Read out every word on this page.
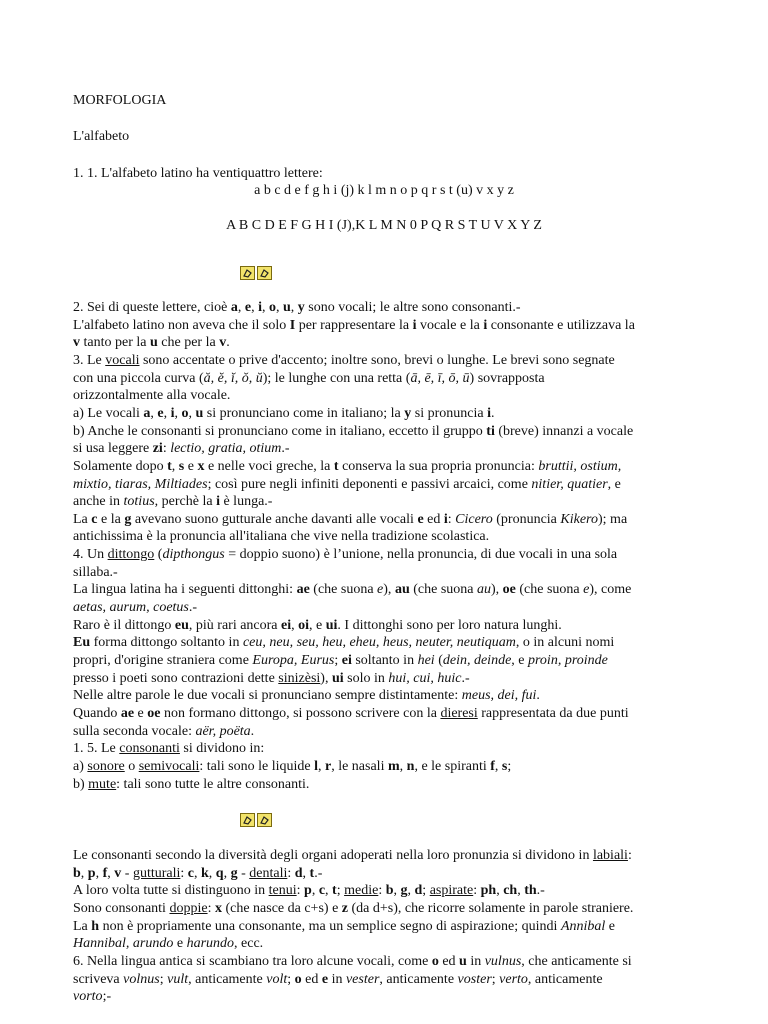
MORFOLOGIA
L'alfabeto
1. 1. L'alfabeto latino ha ventiquattro lettere:
a b c d e f g h i (j) k l m n o p q r s t (u) v x y z
A B C D E F G H I (J),K L M N 0 P Q R S T U V X Y Z
2. Sei di queste lettere, cioè a, e, i, o, u, y sono vocali; le altre sono consonanti.-
L'alfabeto latino non aveva che il solo I per rappresentare la i vocale e la i consonante e utilizzava la
v tanto per la u che per la v.
3. Le vocali sono accentate o prive d'accento; inoltre sono, brevi o lunghe. Le brevi sono segnate
con una piccola curva (ă, ĕ, ĭ, ŏ, ŭ); le lunghe con una retta (ā, ē, ī, ō, ū) sovrapposta
orizzontalmente alla vocale.
a) Le vocali a, e, i, o, u si pronunciano come in italiano; la y si pronuncia i.
b) Anche le consonanti si pronunciano come in italiano, eccetto il gruppo ti (breve) innanzi a vocale
si usa leggere zi: lectio, gratia, otium.-
Solamente dopo t, s e x e nelle voci greche, la t conserva la sua propria pronuncia: bruttii, ostium,
mixtio, tiaras, Miltiades; così pure negli infiniti deponenti e passivi arcaici, come nitier, quatier, e
anche in totius, perchè la i è lunga.-
La c e la g avevano suono gutturale anche davanti alle vocali e ed i: Cicero (pronuncia Kikero); ma
antichissima è la pronuncia all'italiana che vive nella tradizione scolastica.
4. Un dittongo (dipthongus = doppio suono) è l’unione, nella pronuncia, di due vocali in una sola
sillaba.-
La lingua latina ha i seguenti dittonghi: ae (che suona e), au (che suona au), oe (che suona e), come
aetas, aurum, coetus.-
Raro è il dittongo eu, più rari ancora ei, oi, e ui. I dittonghi sono per loro natura lunghi.
Eu forma dittongo soltanto in ceu, neu, seu, heu, eheu, heus, neuter, neutiquam, o in alcuni nomi
propri, d'origine straniera come Europa, Eurus; ei soltanto in hei (dein, deinde, e proin, proinde
presso i poeti sono contrazioni dette sinizèsi), ui solo in hui, cui, huic.-
Nelle altre parole le due vocali si pronunciano sempre distintamente: meus, dei, fui.
Quando ae e oe non formano dittongo, si possono scrivere con la dieresi rappresentata da due punti
sulla seconda vocale: aër, poëta.
1. 5. Le consonanti si dividono in:
a) sonore o semivocali: tali sono le liquide l, r, le nasali m, n, e le spiranti f, s;
b) mute: tali sono tutte le altre consonanti.
Le consonanti secondo la diversità degli organi adoperati nella loro pronunzia si dividono in labiali:
b, p, f, v - gutturali: c, k, q, g - dentali: d, t.-
A loro volta tutte si distinguono in tenui: p, c, t; medie: b, g, d; aspirate: ph, ch, th.-
Sono consonanti doppie: x (che nasce da c+s) e z (da d+s), che ricorre solamente in parole straniere.
La h non è propriamente una consonante, ma un semplice segno di aspirazione; quindi Annibal e
Hannibal, arundo e harundo, ecc.
6. Nella lingua antica si scambiano tra loro alcune vocali, come o ed u in vulnus, che anticamente si
scriveva volnus; vult, anticamente volt; o ed e in vester, anticamente voster; verto, anticamente
vorto;-
